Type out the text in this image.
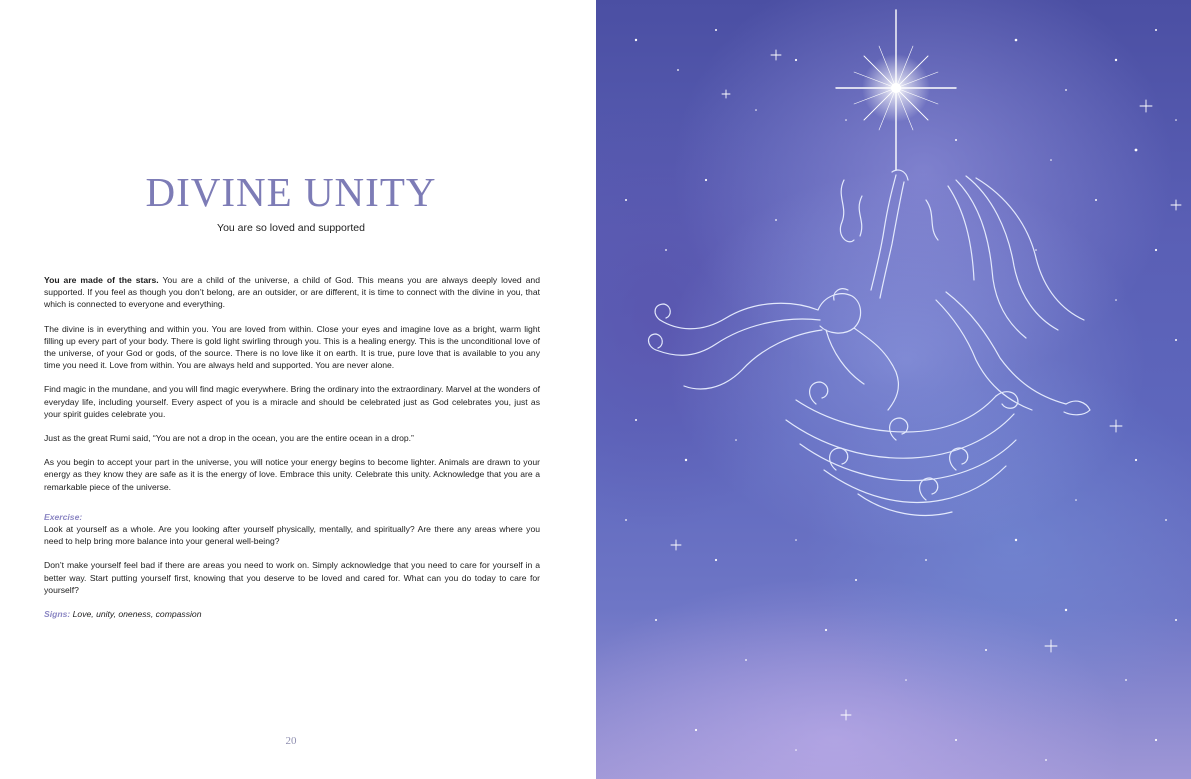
DIVINE UNITY

You are so loved and supported

You are made of the stars. You are a child of the universe, a child of God. This means you are always deeply loved and supported. If you feel as though you don’t belong, are an outsider, or are different, it is time to connect with the divine in you, that which is connected to everyone and everything.

The divine is in everything and within you. You are loved from within. Close your eyes and imagine love as a bright, warm light filling up every part of your body. There is gold light swirling through you. This is a healing energy. This is the unconditional love of the universe, of your God or gods, of the source. There is no love like it on earth. It is true, pure love that is available to you any time you need it. Love from within. You are always held and supported. You are never alone.

Find magic in the mundane, and you will find magic everywhere. Bring the ordinary into the extraordinary. Marvel at the wonders of everyday life, including yourself. Every aspect of you is a miracle and should be celebrated just as God celebrates you, just as your spirit guides celebrate you.

Just as the great Rumi said, “You are not a drop in the ocean, you are the entire ocean in a drop.”

As you begin to accept your part in the universe, you will notice your energy begins to become lighter. Animals are drawn to your energy as they know they are safe as it is the energy of love. Embrace this unity. Celebrate this unity. Acknowledge that you are a remarkable piece of the universe.

Exercise:
Look at yourself as a whole. Are you looking after yourself physically, mentally, and spiritually? Are there any areas where you need to help bring more balance into your general well-being?

Don’t make yourself feel bad if there are areas you need to work on. Simply acknowledge that you need to care for yourself in a better way. Start putting yourself first, knowing that you deserve to be loved and cared for. What can you do today to care for yourself?

Signs: Love, unity, oneness, compassion

20
